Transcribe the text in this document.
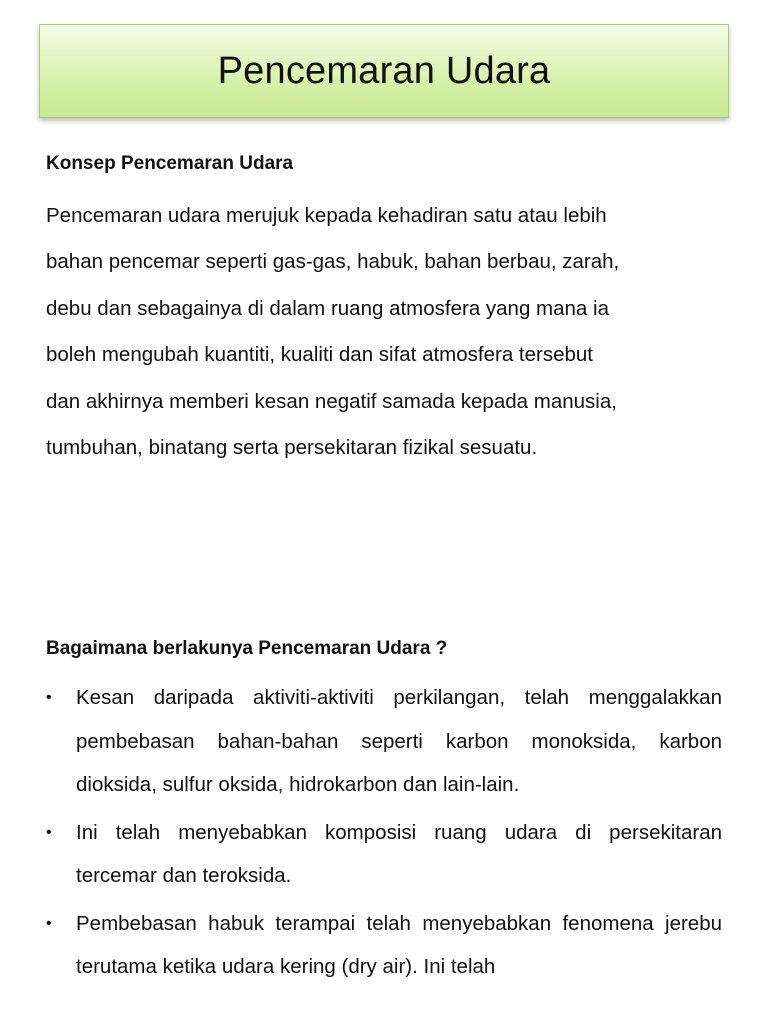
Pencemaran Udara
Konsep Pencemaran Udara
Pencemaran udara merujuk kepada kehadiran satu atau lebih
bahan pencemar seperti gas-gas, habuk, bahan berbau, zarah,
debu dan sebagainya di dalam ruang atmosfera yang mana ia
boleh mengubah kuantiti, kualiti dan sifat atmosfera tersebut
dan akhirnya memberi kesan negatif samada kepada manusia,
tumbuhan, binatang serta persekitaran fizikal sesuatu.
Bagaimana berlakunya Pencemaran Udara ?
•	Kesan daripada aktiviti-aktiviti perkilangan, telah menggalakkan pembebasan bahan-bahan seperti karbon monoksida, karbon dioksida, sulfur oksida, hidrokarbon dan lain-lain.
•	Ini telah menyebabkan komposisi ruang udara di persekitaran tercemar dan teroksida.
•	Pembebasan habuk terampai telah menyebabkan fenomena jerebu terutama ketika udara kering (dry air). Ini telah
